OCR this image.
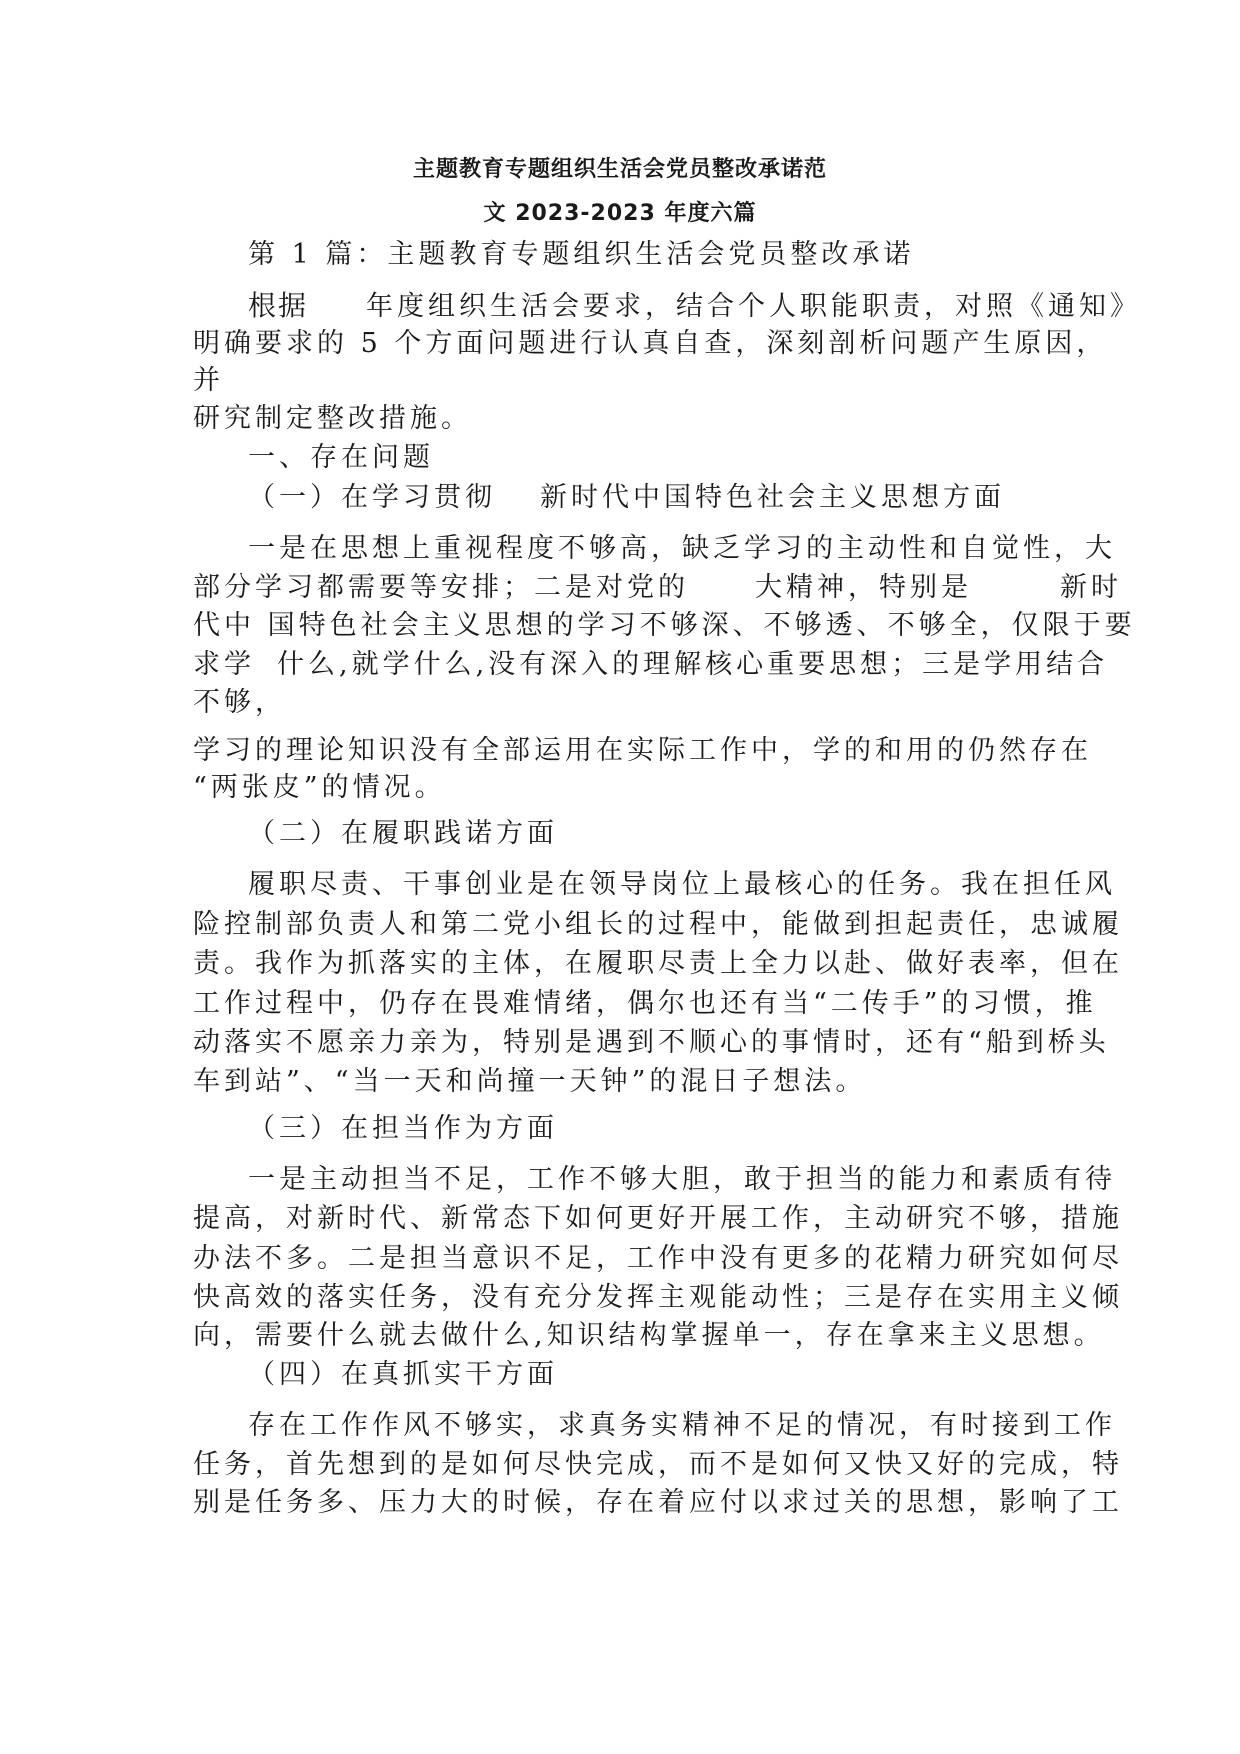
主题教育专题组织生活会党员整改承诺范
文 2023-2023 年度六篇

第 1 篇：主题教育专题组织生活会党员整改承诺

根据 年度组织生活会要求，结合个人职能职责，对照《通知》

明确要求的 5 个方面问题进行认真自查，深刻剖析问题产生原因，

并

研究制定整改措施。

一、存在问题

（一）在学习贯彻 新时代中国特色社会主义思想方面

一是在思想上重视程度不够高，缺乏学习的主动性和自觉性，大

部分学习都需要等安排；二是对党的 大精神，特别是	新时

代中 国特色社会主义思想的学习不够深、不够透、不够全，仅限于要

求学 什么,就学什么,没有深入的理解核心重要思想；三是学用结合

不够，

学习的理论知识没有全部运用在实际工作中，学的和用的仍然存在

“两张皮”的情况。

（二）在履职践诺方面

履职尽责、干事创业是在领导岗位上最核心的任务。我在担任风

险控制部负责人和第二党小组长的过程中，能做到担起责任，忠诚履

责。我作为抓落实的主体，在履职尽责上全力以赴、做好表率，但在

工作过程中，仍存在畏难情绪，偶尔也还有当“二传手”的习惯，推

动落实不愿亲力亲为，特别是遇到不顺心的事情时，还有“船到桥头

车到站”、“当一天和尚撞一天钟”的混日子想法。

（三）在担当作为方面

一是主动担当不足，工作不够大胆，敢于担当的能力和素质有待

提高，对新时代、新常态下如何更好开展工作，主动研究不够，措施

办法不多。二是担当意识不足，工作中没有更多的花精力研究如何尽

快高效的落实任务，没有充分发挥主观能动性；三是存在实用主义倾

向，需要什么就去做什么,知识结构掌握单一，存在拿来主义思想。

（四）在真抓实干方面

存在工作作风不够实，求真务实精神不足的情况，有时接到工作

任务，首先想到的是如何尽快完成，而不是如何又快又好的完成，特

别是任务多、压力大的时候，存在着应付以求过关的思想，影响了工
